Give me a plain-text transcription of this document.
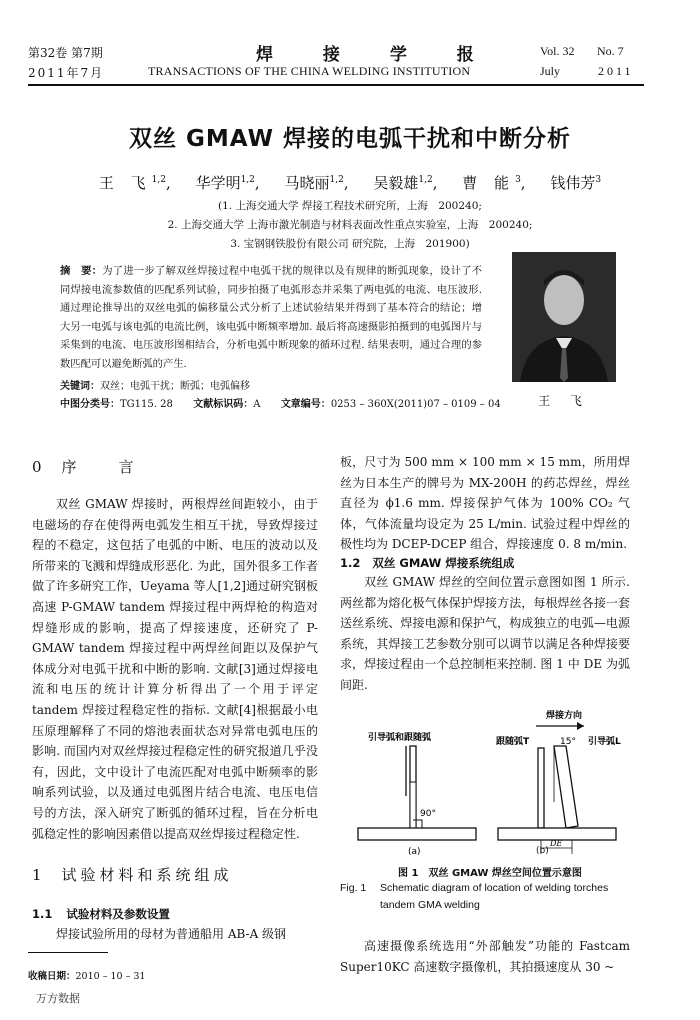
第32卷 第7期
2011年7月
焊 接 学 报
TRANSACTIONS OF THE CHINA WELDING INSTITUTION
Vol. 32 No. 7
July	2011
双丝 GMAW 焊接的电弧干扰和中断分析
王 飞$^{1,2}$, 华学明$^{1,2}$, 马晓丽$^{1,2}$, 吴毅雄$^{1,2}$, 曹 能$^3$, 钱伟芳$^3$
(1. 上海交通大学 焊接工程技术研究所，上海　200240;
2. 上海交通大学 上海市激光制造与材料表面改性重点实验室，上海　200240;
3. 宝钢钢铁股份有限公司 研究院，上海　201900)
摘　要：为了进一步了解双丝焊接过程中电弧干扰的规律以及有规律的断弧现象，设计了不同焊接电流参数值的匹配系列试验，同步拍摄了电弧形态并采集了两电弧的电流、电压波形. 通过理论推导出的双丝电弧的偏移量公式分析了上述试验结果并得到了基本符合的结论；增大另一电弧与该电弧的电流比例，该电弧中断频率增加. 最后将高速摄影拍摄到的电弧图片与采集到的电流、电压波形图相结合，分析电弧中断现象的循环过程. 结果表明，通过合理的参数匹配可以避免断弧的产生.
关键词：双丝；电弧干扰；断弧；电弧偏移
中图分类号：TG115. 28 文献标识码：A 文章编号：0253 – 360X(2011)07 – 0109 – 04	王 飞
0 序　　言

双丝 GMAW 焊接时，两根焊丝间距较小，由于电磁场的存在使得两电弧发生相互干扰，导致焊接过程的不稳定，这包括了电弧的中断、电压的波动以及所带来的飞溅和焊缝成形恶化. 为此，国外很多工作者做了许多研究工作，Ueyama 等人[1,2]通过研究钢板高速 P-GMAW tandem 焊接过程中两焊枪的构造对焊缝形成的影响，提高了焊接速度，还研究了 P-GMAW tandem 焊接过程中两焊丝间距以及保护气体成分对电弧干扰和中断的影响. 文献[3]通过焊接电流和电压的统计计算分析得出了一个用于评定 tandem 焊接过程稳定性的指标. 文献[4]根据最小电压原理解释了不同的熔池表面状态对异常电弧电压的影响. 而国内对双丝焊接过程稳定性的研究报道几乎没有，因此，文中设计了电流匹配对电弧中断频率的影响系列试验，以及通过电弧图片结合电流、电压电信号的方法，深入研究了断弧的循环过程，旨在分析电弧稳定性的影响因素借以提高双丝焊接过程稳定性.

1 试验材料和系统组成
1.1 试验材料及参数设置

焊接试验所用的母材为普通船用 AB-A 级钢

收稿日期：2010 – 10 – 31
万方数据

板，尺寸为 500 mm × 100 mm × 15 mm，所用焊丝为日本生产的牌号为 MX-200H 的药芯焊丝，焊丝直径为 ϕ1.6 mm. 焊接保护气体为 100% CO₂ 气体，气体流量均设定为 25 L/min. 试验过程中焊丝的极性均为 DCEP-DCEP 组合，焊接速度 0. 8 m/min.

1.2 双丝 GMAW 焊接系统组成

双丝 GMAW 焊丝的空间位置示意图如图 1 所示. 两丝都为熔化极气体保护焊接方法，每根焊丝各接一套送丝系统、焊接电源和保护气，构成独立的电弧—电源系统，其焊接工艺参数分别可以调节以满足各种焊接要求，焊接过程由一个总控制柜来控制. 图 1 中 DE 为弧间距.

引导弧和跟随弧
90°
(a)
焊接方向
跟随弧T	15° 引导弧L
DE
(b)
图 1　双丝 GMAW 焊丝空间位置示意图
Fig. 1 Schematic diagram of location of welding torches tandem GMA welding

高速摄像系统选用“外部触发”功能的 Fastcam Super10KC 高速数字摄像机，其拍摄速度从 30 ~
